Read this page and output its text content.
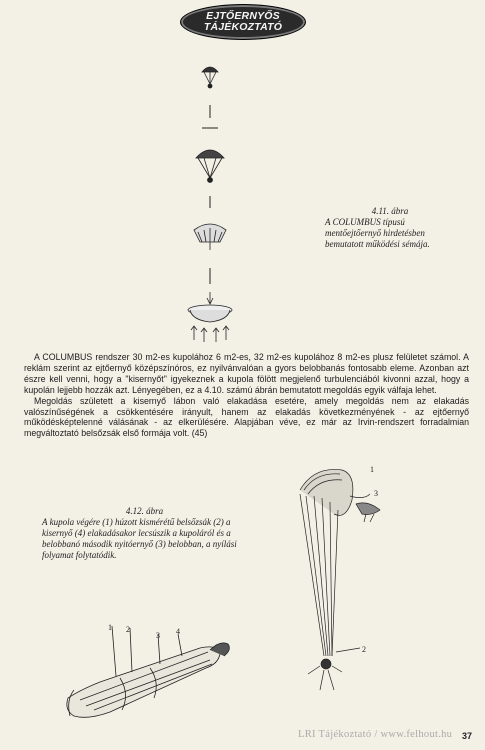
EJTŐERNYŐS
TÁJÉKOZTATÓ
4.11. ábra
A COLUMBUS típusú mentőejtőernyő hirdetésben bemutatott működési sémája.

A COLUMBUS rendszer 30 m2-es kupolához 6 m2-es, 32 m2-es kupolához 8 m2-es plusz felületet számol. A reklám szerint az ejtőernyő középszínóros, ez nyilvánvalóan a gyors belobbanás fontosabb eleme. Azonban azt észre kell venni, hogy a "kisernyőt" igyekeznek a kupola fölött megjelenő turbulenciából kivonni azzal, hogy a kupolán lejjebb hozzák azt. Lényegében, ez a 4.10. számú ábrán bemutatott megoldás egyik válfaja lehet.

Megoldás született a kisernyő lábon való elakadása esetére, amely megoldás nem az elakadás valószínűségének a csökkentésére irányult, hanem az elakadás következményének - az ejtőernyő működésképtelenné válásának - az elkerülésére. Alapjában véve, ez már az Irvin-rendszert forradalmian megváltoztató belsőzsák első formája volt. (45)

4.12. ábra
A kupola végére (1) húzott kismérétű belsőzsák (2) a kisernyő (4) elakadásakor lecsúszik a kupoláról és a belobbanó második nyitóernyő (3) belobban, a nyílási folyamat folytatódik.
1 2
3 4
1
3
2
LRI Tájékoztató / www.felhout.hu	37
